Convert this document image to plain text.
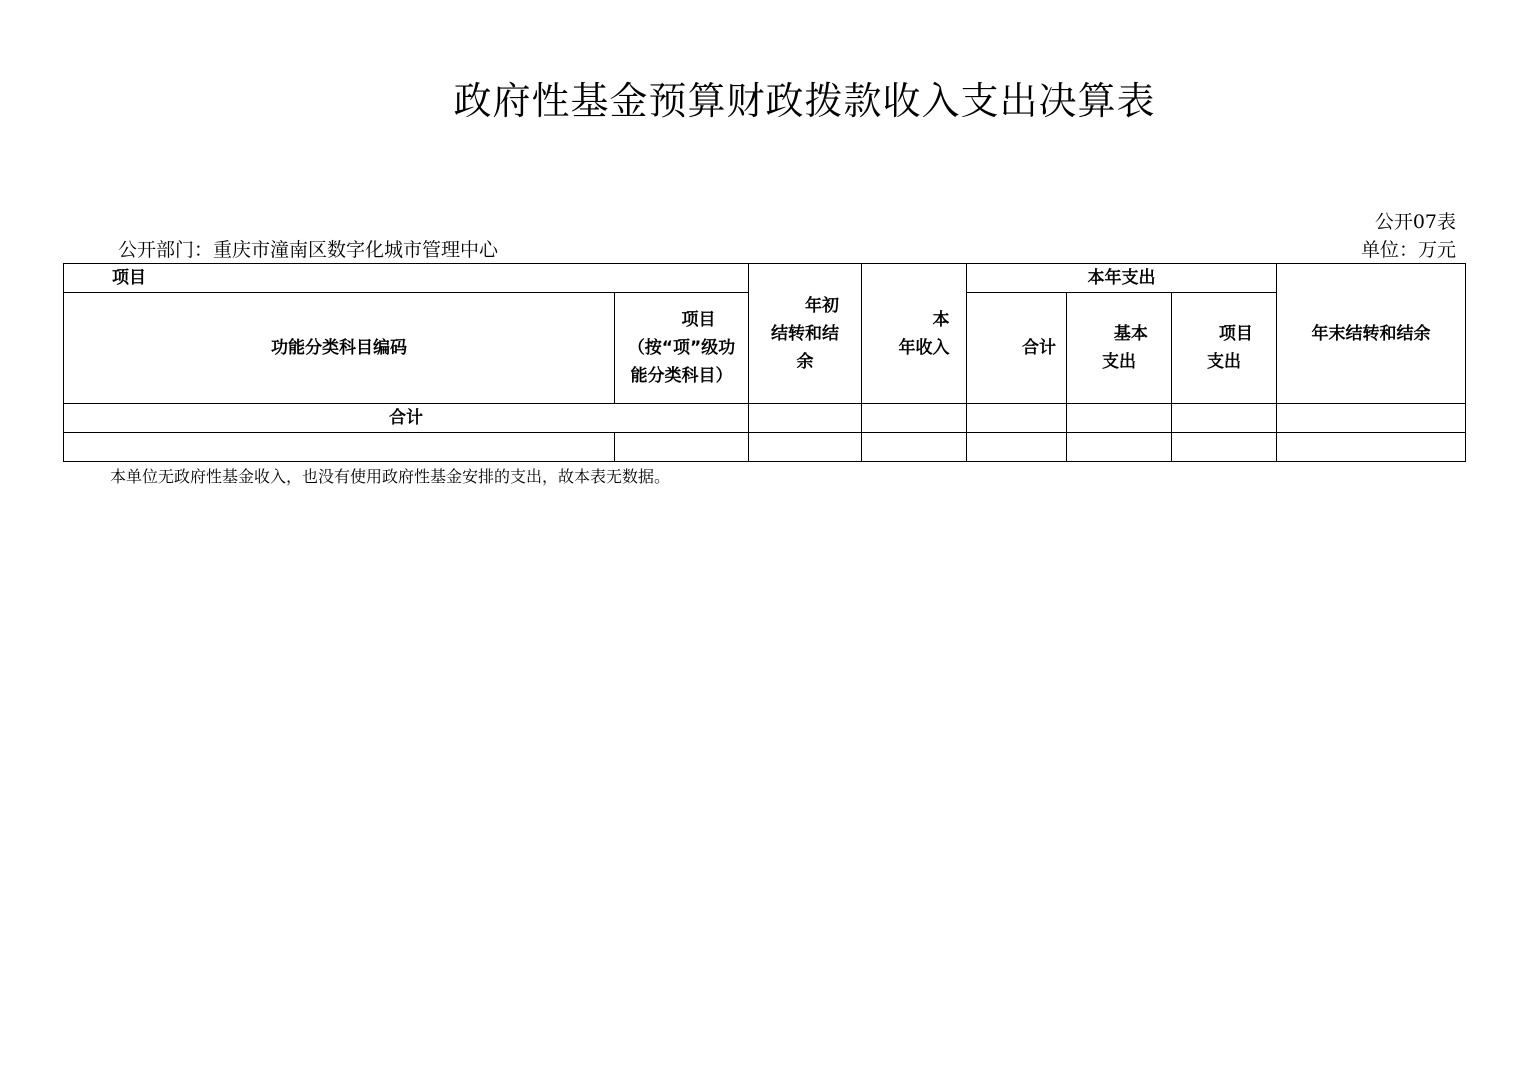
政府性基金预算财政拨款收入支出决算表
公开07表
公开部门：重庆市潼南区数字化城市管理中心	单位：万元
项目		年初结转和结余	本年收入	本年支出			年末结转和结余

功能分类科目编码	项目（按“项”级功能分类科目）			合计	基本支出	项目支出	

合计							

本单位无政府性基金收入，也没有使用政府性基金安排的支出，故本表无数据。
